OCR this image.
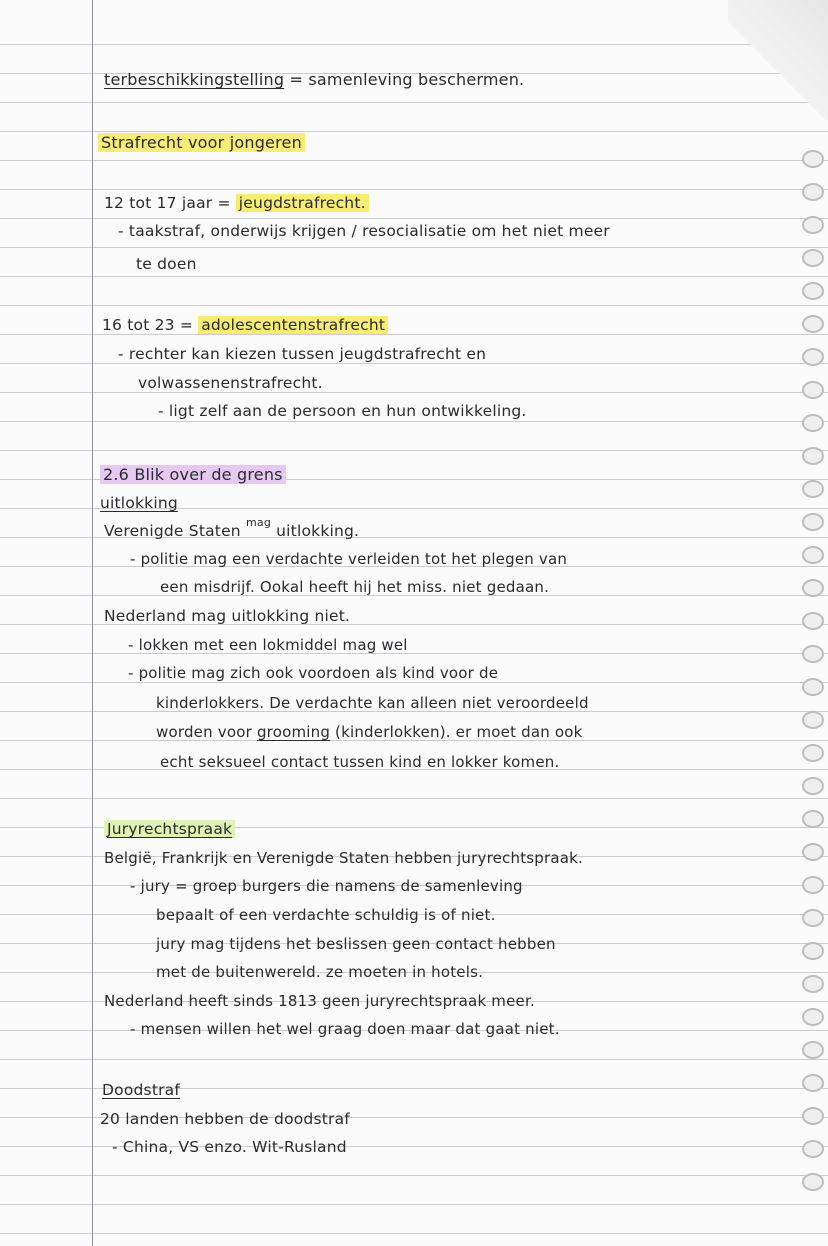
terbeschikkingstelling = samenleving beschermen.
Strafrecht voor jongeren
12 tot 17 jaar = jeugdstrafrecht.
- taakstraf, onderwijs krijgen / resocialisatie om het niet meer
te doen
16 tot 23 = adolescentenstrafrecht
- rechter kan kiezen tussen jeugdstrafrecht en
volwassenenstrafrecht.
- ligt zelf aan de persoon en hun ontwikkeling.
2.6 Blik over de grens
uitlokking
Verenigde Staten $^{mag}$ uitlokking.
- politie mag een verdachte verleiden tot het plegen van
een misdrijf. Ookal heeft hij het miss. niet gedaan.
Nederland mag uitlokking niet.
- lokken met een lokmiddel mag wel
- politie mag zich ook voordoen als kind voor de
kinderlokkers. De verdachte kan alleen niet veroordeeld
worden voor grooming (kinderlokken). er moet dan ook
echt seksueel contact tussen kind en lokker komen.
Juryrechtspraak
België, Frankrijk en Verenigde Staten hebben juryrechtspraak.
- jury = groep burgers die namens de samenleving
bepaalt of een verdachte schuldig is of niet.
jury mag tijdens het beslissen geen contact hebben
met de buitenwereld. ze moeten in hotels.
Nederland heeft sinds 1813 geen juryrechtspraak meer.
- mensen willen het wel graag doen maar dat gaat niet.
Doodstraf
20 landen hebben de doodstraf
- China, VS enzo. Wit-Rusland
